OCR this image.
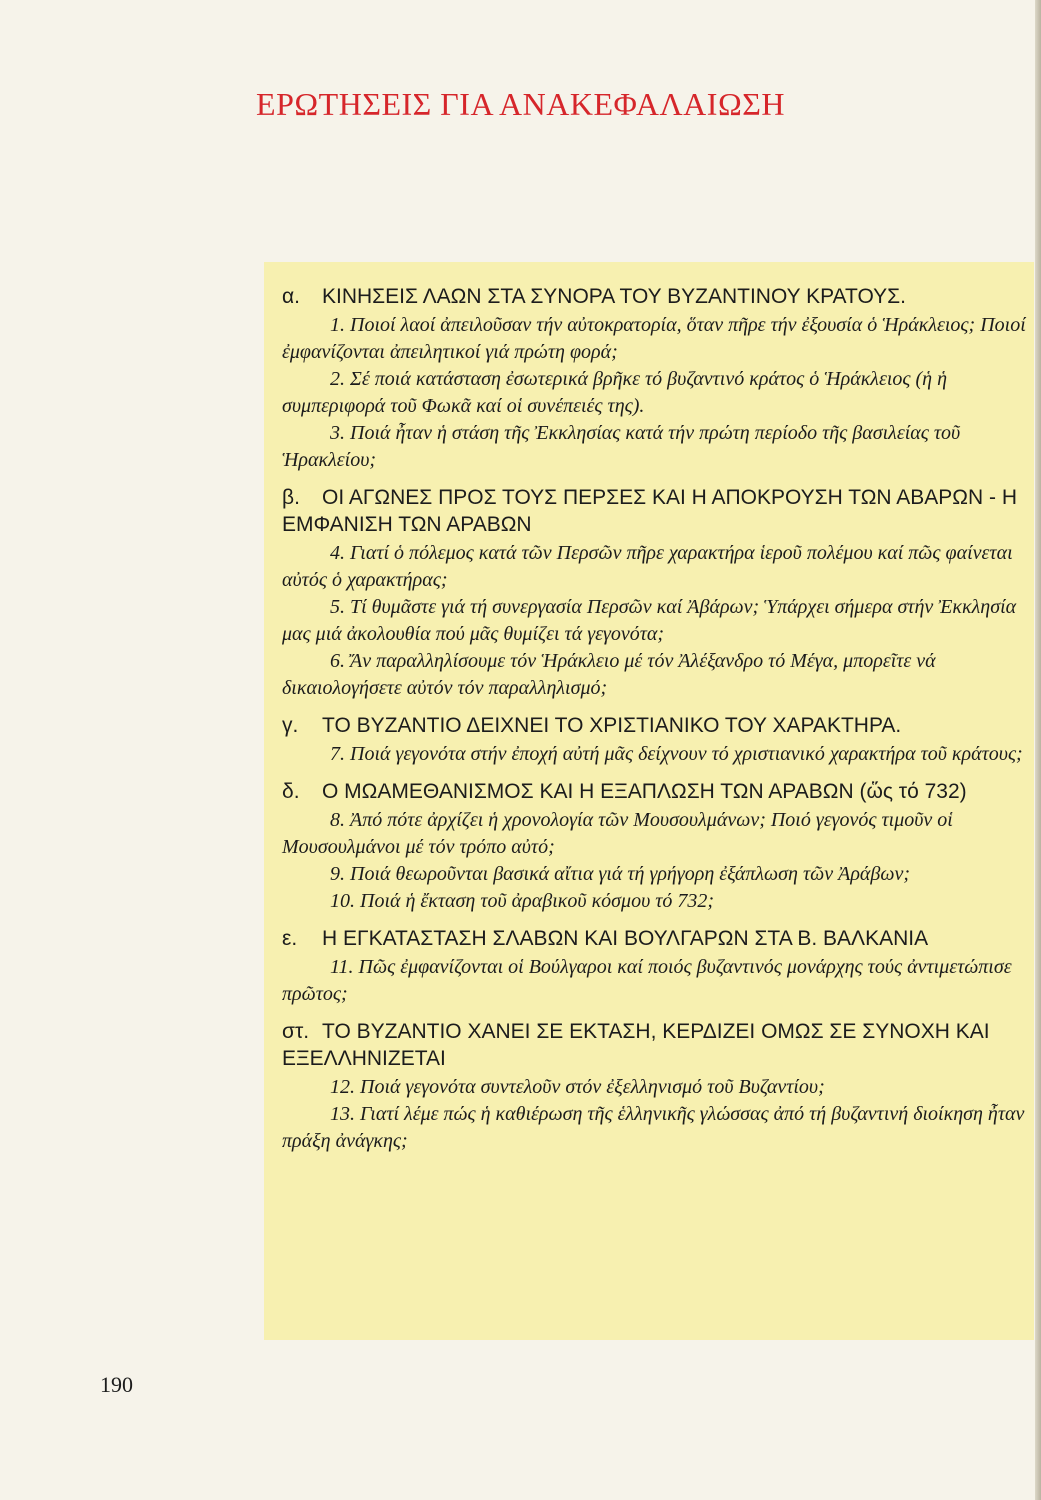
ΕΡΩΤΗΣΕΙΣ ΓΙΑ ΑΝΑΚΕΦΑΛΑΙΩΣΗ
α. ΚΙΝΗΣΕΙΣ ΛΑΩΝ ΣΤΑ ΣΥΝΟΡΑ ΤΟΥ ΒΥΖΑΝΤΙΝΟΥ ΚΡΑΤΟΥΣ.

1. Ποιοί λαοί ἀπειλοῦσαν τήν αὐτοκρατορία, ὅταν πῆρε τήν ἐξουσία ὁ Ἡράκλειος; Ποιοί ἐμφανίζονται ἀπειλητικοί γιά πρώτη φορά;

2. Σέ ποιά κατάσταση ἐσωτερικά βρῆκε τό βυζαντινό κράτος ὁ Ἡράκλειος (ἡ ἡ συμπεριφορά τοῦ Φωκᾶ καί οἱ συνέπειές της).

3. Ποιά ἦταν ἡ στάση τῆς Ἐκκλησίας κατά τήν πρώτη περίοδο τῆς βασιλείας τοῦ Ἡρακλείου;

β. ΟΙ ΑΓΩΝΕΣ ΠΡΟΣ ΤΟΥΣ ΠΕΡΣΕΣ ΚΑΙ Η ΑΠΟΚΡΟΥΣΗ ΤΩΝ ΑΒΑΡΩΝ - Η ΕΜΦΑΝΙΣΗ ΤΩΝ ΑΡΑΒΩΝ

4. Γιατί ὁ πόλεμος κατά τῶν Περσῶν πῆρε χαρακτήρα ἱεροῦ πολέμου καί πῶς φαίνεται αὐτός ὁ χαρακτήρας;

5. Τί θυμᾶστε γιά τή συνεργασία Περσῶν καί Ἀβάρων; Ὑπάρχει σήμερα στήν Ἐκκλησία μας μιά ἀκολουθία πού μᾶς θυμίζει τά γεγονότα;

6. Ἄν παραλληλίσουμε τόν Ἡράκλειο μέ τόν Ἀλέξανδρο τό Μέγα, μπορεῖτε νά δικαιολογήσετε αὐτόν τόν παραλληλισμό;

γ. ΤΟ ΒΥΖΑΝΤΙΟ ΔΕΙΧΝΕΙ ΤΟ ΧΡΙΣΤΙΑΝΙΚΟ ΤΟΥ ΧΑΡΑΚΤΗΡΑ.

7. Ποιά γεγονότα στήν ἐποχή αὐτή μᾶς δείχνουν τό χριστιανικό χαρακτήρα τοῦ κράτους;

δ. Ο ΜΩΑΜΕΘΑΝΙΣΜΟΣ ΚΑΙ Η ΕΞΑΠΛΩΣΗ ΤΩΝ ΑΡΑΒΩΝ (ὥς τό 732)

8. Ἀπό πότε ἀρχίζει ἡ χρονολογία τῶν Μουσουλμάνων; Ποιό γεγονός τιμοῦν οἱ Μουσουλμάνοι μέ τόν τρόπο αὐτό;

9. Ποιά θεωροῦνται βασικά αἴτια γιά τή γρήγορη ἐξάπλωση τῶν Ἀράβων;

10. Ποιά ἡ ἔκταση τοῦ ἀραβικοῦ κόσμου τό 732;

ε. Η ΕΓΚΑΤΑΣΤΑΣΗ ΣΛΑΒΩΝ ΚΑΙ ΒΟΥΛΓΑΡΩΝ ΣΤΑ Β. ΒΑΛΚΑΝΙΑ

11. Πῶς ἐμφανίζονται οἱ Βούλγαροι καί ποιός βυζαντινός μονάρχης τούς ἀντιμετώπισε πρῶτος;

στ. ΤΟ ΒΥΖΑΝΤΙΟ ΧΑΝΕΙ ΣΕ ΕΚΤΑΣΗ, ΚΕΡΔΙΖΕΙ ΟΜΩΣ ΣΕ ΣΥΝΟΧΗ ΚΑΙ ΕΞΕΛΛΗΝΙΖΕΤΑΙ

12. Ποιά γεγονότα συντελοῦν στόν ἐξελληνισμό τοῦ Βυζαντίου;

13. Γιατί λέμε πώς ἡ καθιέρωση τῆς ἑλληνικῆς γλώσσας ἀπό τή βυζαντινή διοίκηση ἦταν πράξη ἀνάγκης;

190
